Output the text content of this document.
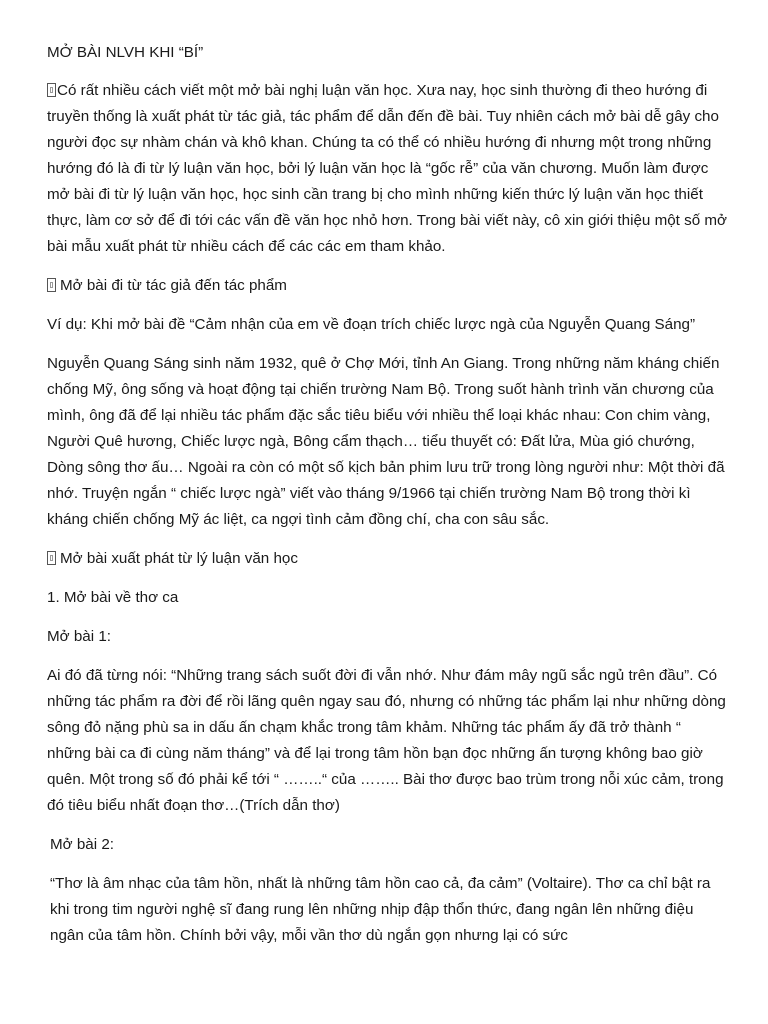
MỞ BÀI NLVH KHI “BÍ”

Có rất nhiều cách viết một mở bài nghị luận văn học. Xưa nay, học sinh thường đi theo hướng đi truyền thống là xuất phát từ tác giả, tác phẩm để dẫn đến đề bài. Tuy nhiên cách mở bài dễ gây cho người đọc sự nhàm chán và khô khan. Chúng ta có thể có nhiều hướng đi nhưng một trong những hướng đó là đi từ lý luận văn học, bởi lý luận văn học là “gốc rễ” của văn chương. Muốn làm được mở bài đi từ lý luận văn học, học sinh cần trang bị cho mình những kiến thức lý luận văn học thiết thực, làm cơ sở để đi tới các vấn đề văn học nhỏ hơn. Trong bài viết này, cô xin giới thiệu một số mở bài mẫu xuất phát từ nhiều cách để các các em tham khảo.

Mở bài đi từ tác giả đến tác phẩm

Ví dụ: Khi mở bài đề “Cảm nhận của em về đoạn trích chiếc lược ngà của Nguyễn Quang Sáng”

Nguyễn Quang Sáng sinh năm 1932, quê ở Chợ Mới, tỉnh An Giang. Trong những năm kháng chiến chống Mỹ, ông sống và hoạt động tại chiến trường Nam Bộ. Trong suốt hành trình văn chương của mình, ông đã để lại nhiều tác phẩm đặc sắc tiêu biểu với nhiều thể loại khác nhau: Con chim vàng, Người Quê hương, Chiếc lược ngà, Bông cẩm thạch… tiểu thuyết có: Đất lửa, Mùa gió chướng, Dòng sông thơ ấu… Ngoài ra còn có một số kịch bản phim lưu trữ trong lòng người như: Một thời đã nhớ. Truyện ngắn “ chiếc lược ngà” viết vào tháng 9/1966 tại chiến trường Nam Bộ trong thời kì kháng chiến chống Mỹ ác liệt, ca ngợi tình cảm đồng chí, cha con sâu sắc.

Mở bài xuất phát từ lý luận văn học

1. Mở bài về thơ ca

Mở bài 1:

Ai đó đã từng nói: “Những trang sách suốt đời đi vẫn nhớ. Như đám mây ngũ sắc ngủ trên đầu”. Có những tác phẩm ra đời để rồi lãng quên ngay sau đó, nhưng có những tác phẩm lại như những dòng sông đỏ nặng phù sa in dấu ấn chạm khắc trong tâm khảm. Những tác phẩm ấy đã trở thành “ những bài ca đi cùng năm tháng” và để lại trong tâm hồn bạn đọc những ấn tượng không bao giờ quên. Một trong số đó phải kể tới “ ……..“ của …….. Bài thơ được bao trùm trong nỗi xúc cảm, trong đó tiêu biểu nhất đoạn thơ…(Trích dẫn thơ)

Mở bài 2:

“Thơ là âm nhạc của tâm hồn, nhất là những tâm hồn cao cả, đa cảm” (Voltaire). Thơ ca chỉ bật ra khi trong tim người nghệ sĩ đang rung lên những nhịp đập thổn thức, đang ngân lên những điệu ngân của tâm hồn. Chính bởi vậy, mỗi vần thơ dù ngắn gọn nhưng lại có sức
